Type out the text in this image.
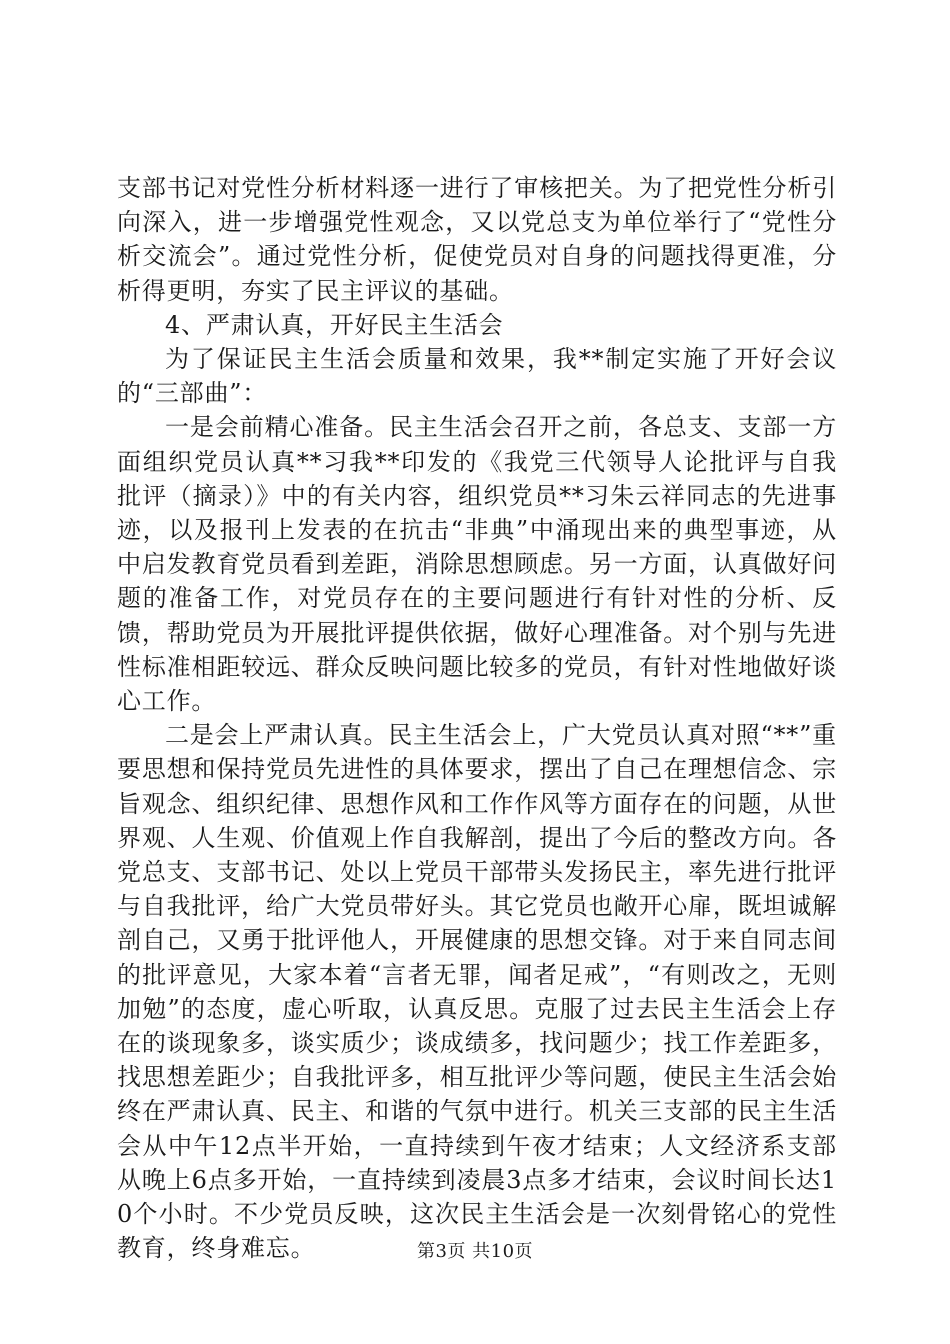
支部书记对党性分析材料逐一进行了审核把关。为了把党性分析引向深入，进一步增强党性观念，又以党总支为单位举行了“党性分析交流会”。通过党性分析，促使党员对自身的问题找得更准，分析得更明，夯实了民主评议的基础。

4、严肃认真，开好民主生活会

为了保证民主生活会质量和效果，我**制定实施了开好会议的“三部曲”：

一是会前精心准备。民主生活会召开之前，各总支、支部一方面组织党员认真**习我**印发的《我党三代领导人论批评与自我批评（摘录）》中的有关内容，组织党员**习朱云祥同志的先进事迹，以及报刊上发表的在抗击“非典”中涌现出来的典型事迹，从中启发教育党员看到差距，消除思想顾虑。另一方面，认真做好问题的准备工作，对党员存在的主要问题进行有针对性的分析、反馈，帮助党员为开展批评提供依据，做好心理准备。对个别与先进性标准相距较远、群众反映问题比较多的党员，有针对性地做好谈心工作。

二是会上严肃认真。民主生活会上，广大党员认真对照“**”重要思想和保持党员先进性的具体要求，摆出了自己在理想信念、宗旨观念、组织纪律、思想作风和工作作风等方面存在的问题，从世界观、人生观、价值观上作自我解剖，提出了今后的整改方向。各党总支、支部书记、处以上党员干部带头发扬民主，率先进行批评与自我批评，给广大党员带好头。其它党员也敞开心扉，既坦诚解剖自己，又勇于批评他人，开展健康的思想交锋。对于来自同志间的批评意见，大家本着“言者无罪，闻者足戒”，“有则改之，无则加勉”的态度，虚心听取，认真反思。克服了过去民主生活会上存在的谈现象多，谈实质少；谈成绩多，找问题少；找工作差距多，找思想差距少；自我批评多，相互批评少等问题，使民主生活会始终在严肃认真、民主、和谐的气氛中进行。机关三支部的民主生活会从中午12点半开始，一直持续到午夜才结束；人文经济系支部从晚上6点多开始，一直持续到凌晨3点多才结束，会议时间长达10个小时。不少党员反映，这次民主生活会是一次刻骨铭心的党性教育，终身难忘。	第3页 共10页
